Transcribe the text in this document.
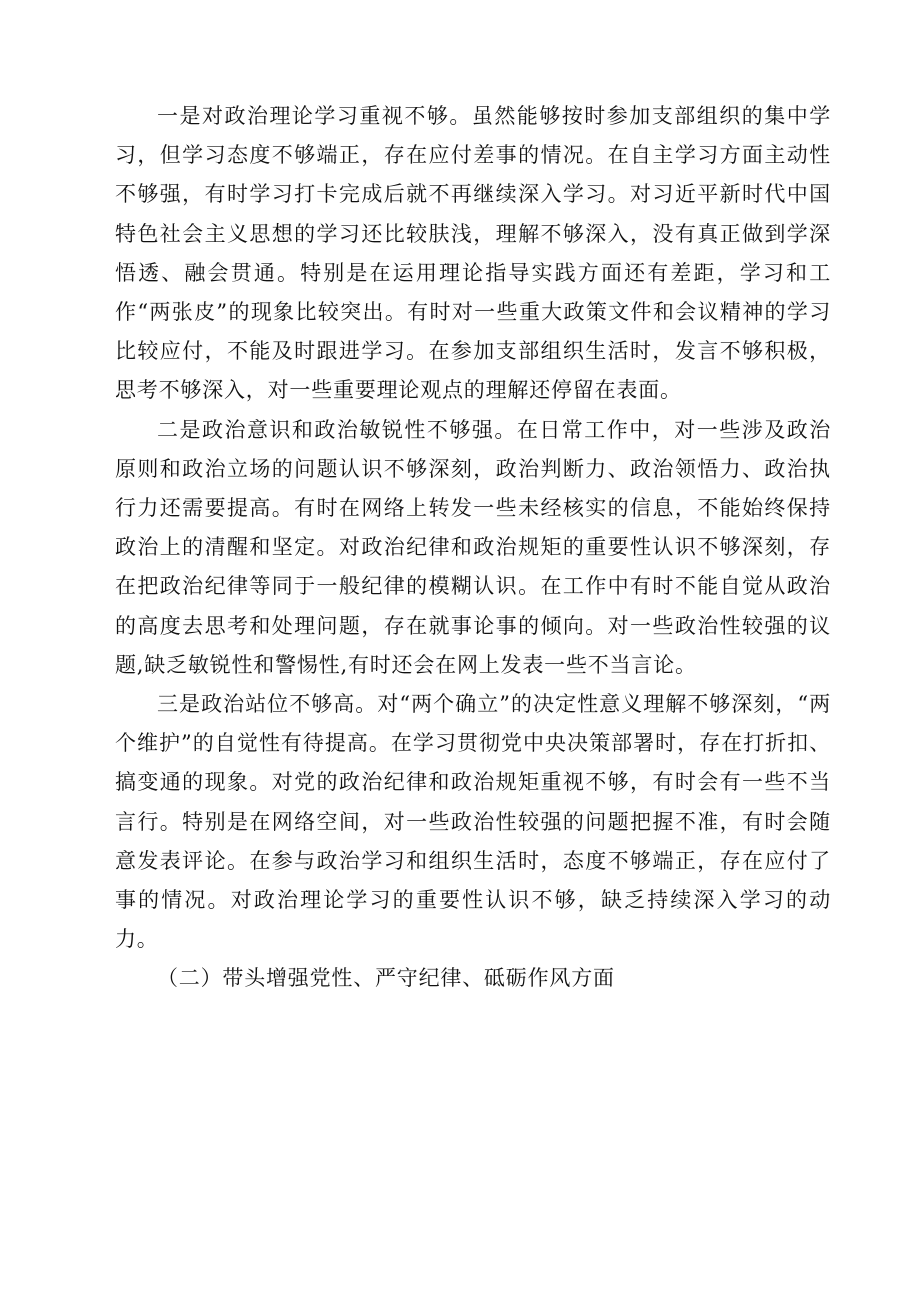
一是对政治理论学习重视不够。虽然能够按时参加支部组织的集中学习，但学习态度不够端正，存在应付差事的情况。在自主学习方面主动性不够强，有时学习打卡完成后就不再继续深入学习。对习近平新时代中国特色社会主义思想的学习还比较肤浅，理解不够深入，没有真正做到学深悟透、融会贯通。特别是在运用理论指导实践方面还有差距，学习和工作“两张皮”的现象比较突出。有时对一些重大政策文件和会议精神的学习比较应付，不能及时跟进学习。在参加支部组织生活时，发言不够积极，思考不够深入，对一些重要理论观点的理解还停留在表面。

二是政治意识和政治敏锐性不够强。在日常工作中，对一些涉及政治原则和政治立场的问题认识不够深刻，政治判断力、政治领悟力、政治执行力还需要提高。有时在网络上转发一些未经核实的信息，不能始终保持政治上的清醒和坚定。对政治纪律和政治规矩的重要性认识不够深刻，存在把政治纪律等同于一般纪律的模糊认识。在工作中有时不能自觉从政治的高度去思考和处理问题，存在就事论事的倾向。对一些政治性较强的议题,缺乏敏锐性和警惕性,有时还会在网上发表一些不当言论。

三是政治站位不够高。对“两个确立”的决定性意义理解不够深刻，“两个维护”的自觉性有待提高。在学习贯彻党中央决策部署时，存在打折扣、搞变通的现象。对党的政治纪律和政治规矩重视不够，有时会有一些不当言行。特别是在网络空间，对一些政治性较强的问题把握不准，有时会随意发表评论。在参与政治学习和组织生活时，态度不够端正，存在应付了事的情况。对政治理论学习的重要性认识不够，缺乏持续深入学习的动力。

（二）带头增强党性、严守纪律、砥砺作风方面
